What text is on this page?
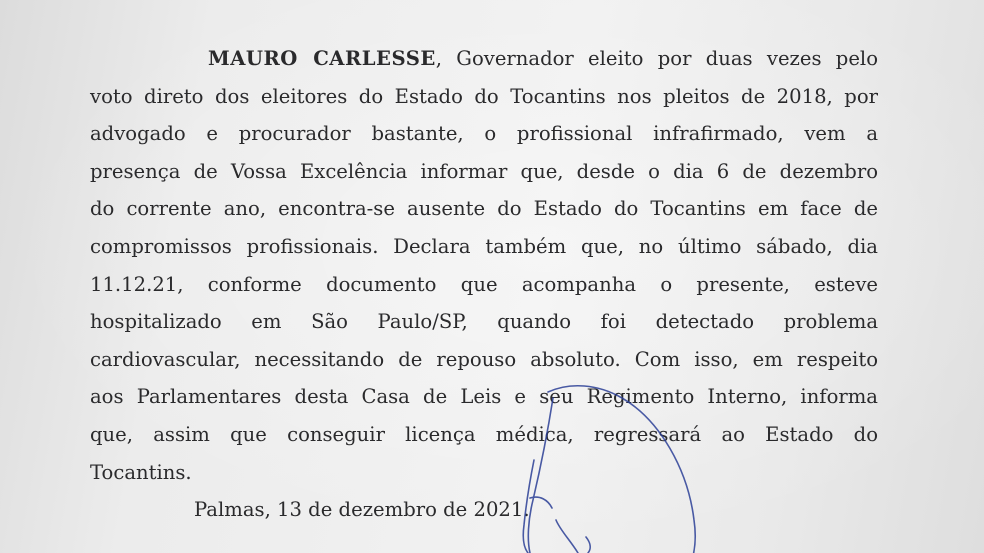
MAURO CARLESSE, Governador eleito por duas vezes pelo
voto direto dos eleitores do Estado do Tocantins nos pleitos de 2018, por
advogado e procurador bastante, o profissional infrafirmado, vem a
presença de Vossa Excelência informar que, desde o dia 6 de dezembro
do corrente ano, encontra-se ausente do Estado do Tocantins em face de
compromissos profissionais. Declara também que, no último sábado, dia
11.12.21, conforme documento que acompanha o presente, esteve
hospitalizado em São Paulo/SP, quando foi detectado problema
cardiovascular, necessitando de repouso absoluto. Com isso, em respeito
aos Parlamentares desta Casa de Leis e seu Regimento Interno, informa
que, assim que conseguir licença médica, regressará ao Estado do
Tocantins.
Palmas, 13 de dezembro de 2021.
